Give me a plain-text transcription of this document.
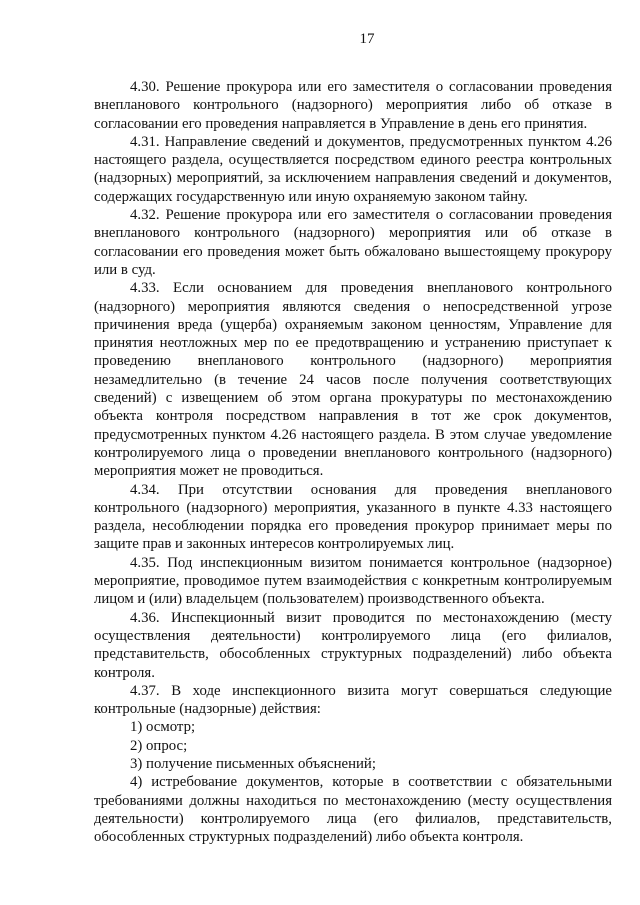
17

4.30. Решение прокурора или его заместителя о согласовании проведения внепланового контрольного (надзорного) мероприятия либо об отказе в согласовании его проведения направляется в Управление в день его принятия.

4.31. Направление сведений и документов, предусмотренных пунктом 4.26 настоящего раздела, осуществляется посредством единого реестра контрольных (надзорных) мероприятий, за исключением направления сведений и документов, содержащих государственную или иную охраняемую законом тайну.

4.32. Решение прокурора или его заместителя о согласовании проведения внепланового контрольного (надзорного) мероприятия или об отказе в согласовании его проведения может быть обжаловано вышестоящему прокурору или в суд.

4.33. Если основанием для проведения внепланового контрольного (надзорного) мероприятия являются сведения о непосредственной угрозе причинения вреда (ущерба) охраняемым законом ценностям, Управление для принятия неотложных мер по ее предотвращению и устранению приступает к проведению внепланового контрольного (надзорного) мероприятия незамедлительно (в течение 24 часов после получения соответствующих сведений) с извещением об этом органа прокуратуры по местонахождению объекта контроля посредством направления в тот же срок документов, предусмотренных пунктом 4.26 настоящего раздела. В этом случае уведомление контролируемого лица о проведении внепланового контрольного (надзорного) мероприятия может не проводиться.

4.34. При отсутствии основания для проведения внепланового контрольного (надзорного) мероприятия, указанного в пункте 4.33 настоящего раздела, несоблюдении порядка его проведения прокурор принимает меры по защите прав и законных интересов контролируемых лиц.

4.35. Под инспекционным визитом понимается контрольное (надзорное) мероприятие, проводимое путем взаимодействия с конкретным контролируемым лицом и (или) владельцем (пользователем) производственного объекта.

4.36. Инспекционный визит проводится по местонахождению (месту осуществления деятельности) контролируемого лица (его филиалов, представительств, обособленных структурных подразделений) либо объекта контроля.

4.37. В ходе инспекционного визита могут совершаться следующие контрольные (надзорные) действия:

1) осмотр;

2) опрос;

3) получение письменных объяснений;

4) истребование документов, которые в соответствии с обязательными требованиями должны находиться по местонахождению (месту осуществления деятельности) контролируемого лица (его филиалов, представительств, обособленных структурных подразделений) либо объекта контроля.
